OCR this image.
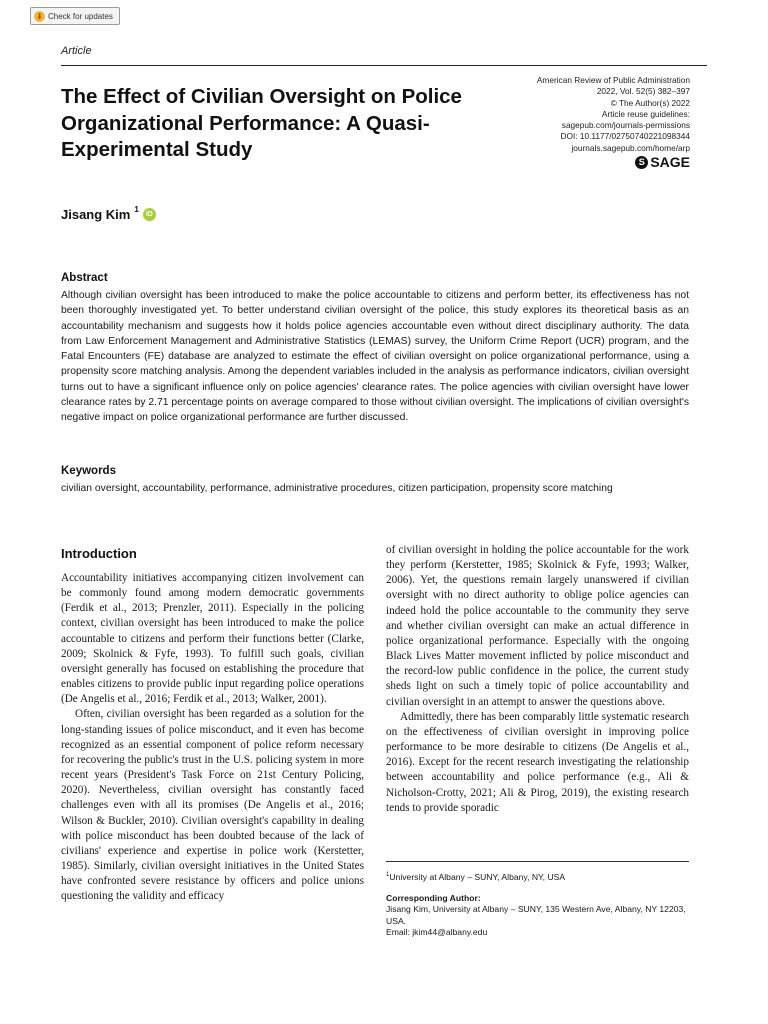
Check for updates
Article
The Effect of Civilian Oversight on Police Organizational Performance: A Quasi-Experimental Study
American Review of Public Administration
2022, Vol. 52(5) 382–397
© The Author(s) 2022
Article reuse guidelines:
sagepub.com/journals-permissions
DOI: 10.1177/02750740221098344
journals.sagepub.com/home/arp
S SAGE
Jisang Kim $^1$
iD
Abstract

Although civilian oversight has been introduced to make the police accountable to citizens and perform better, its effectiveness has not been thoroughly investigated yet. To better understand civilian oversight of the police, this study explores its theoretical basis as an accountability mechanism and suggests how it holds police agencies accountable even without direct disciplinary authority. The data from Law Enforcement Management and Administrative Statistics (LEMAS) survey, the Uniform Crime Report (UCR) program, and the Fatal Encounters (FE) database are analyzed to estimate the effect of civilian oversight on police organizational performance, using a propensity score matching analysis. Among the dependent variables included in the analysis as performance indicators, civilian oversight turns out to have a significant influence only on police agencies' clearance rates. The police agencies with civilian oversight have lower clearance rates by 2.71 percentage points on average compared to those without civilian oversight. The implications of civilian oversight's negative impact on police organizational performance are further discussed.

Keywords

civilian oversight, accountability, performance, administrative procedures, citizen participation, propensity score matching

Introduction

Accountability initiatives accompanying citizen involvement can be commonly found among modern democratic governments (Ferdik et al., 2013; Prenzler, 2011). Especially in the policing context, civilian oversight has been introduced to make the police accountable to citizens and perform their functions better (Clarke, 2009; Skolnick & Fyfe, 1993). To fulfill such goals, civilian oversight generally has focused on establishing the procedure that enables citizens to provide public input regarding police operations (De Angelis et al., 2016; Ferdik et al., 2013; Walker, 2001).

Often, civilian oversight has been regarded as a solution for the long-standing issues of police misconduct, and it even has become recognized as an essential component of police reform necessary for recovering the public's trust in the U.S. policing system in more recent years (President's Task Force on 21st Century Policing, 2020). Nevertheless, civilian oversight has constantly faced challenges even with all its promises (De Angelis et al., 2016; Wilson & Buckler, 2010). Civilian oversight's capability in dealing with police misconduct has been doubted because of the lack of civilians' experience and expertise in police work (Kerstetter, 1985). Similarly, civilian oversight initiatives in the United States have confronted severe resistance by officers and police unions questioning the validity and efficacy

of civilian oversight in holding the police accountable for the work they perform (Kerstetter, 1985; Skolnick & Fyfe, 1993; Walker, 2006). Yet, the questions remain largely unanswered if civilian oversight with no direct authority to oblige police agencies can indeed hold the police accountable to the community they serve and whether civilian oversight can make an actual difference in police organizational performance. Especially with the ongoing Black Lives Matter movement inflicted by police misconduct and the record-low public confidence in the police, the current study sheds light on such a timely topic of police accountability and civilian oversight in an attempt to answer the questions above.

Admittedly, there has been comparably little systematic research on the effectiveness of civilian oversight in improving police performance to be more desirable to citizens (De Angelis et al., 2016). Except for the recent research investigating the relationship between accountability and police performance (e.g., Ali & Nicholson-Crotty, 2021; Ali & Pirog, 2019), the existing research tends to provide sporadic

$^1$University at Albany – SUNY, Albany, NY, USA
Corresponding Author:
Jisang Kim, University at Albany – SUNY, 135 Western Ave, Albany, NY 12203, USA.
Email: jkim44@albany.edu
